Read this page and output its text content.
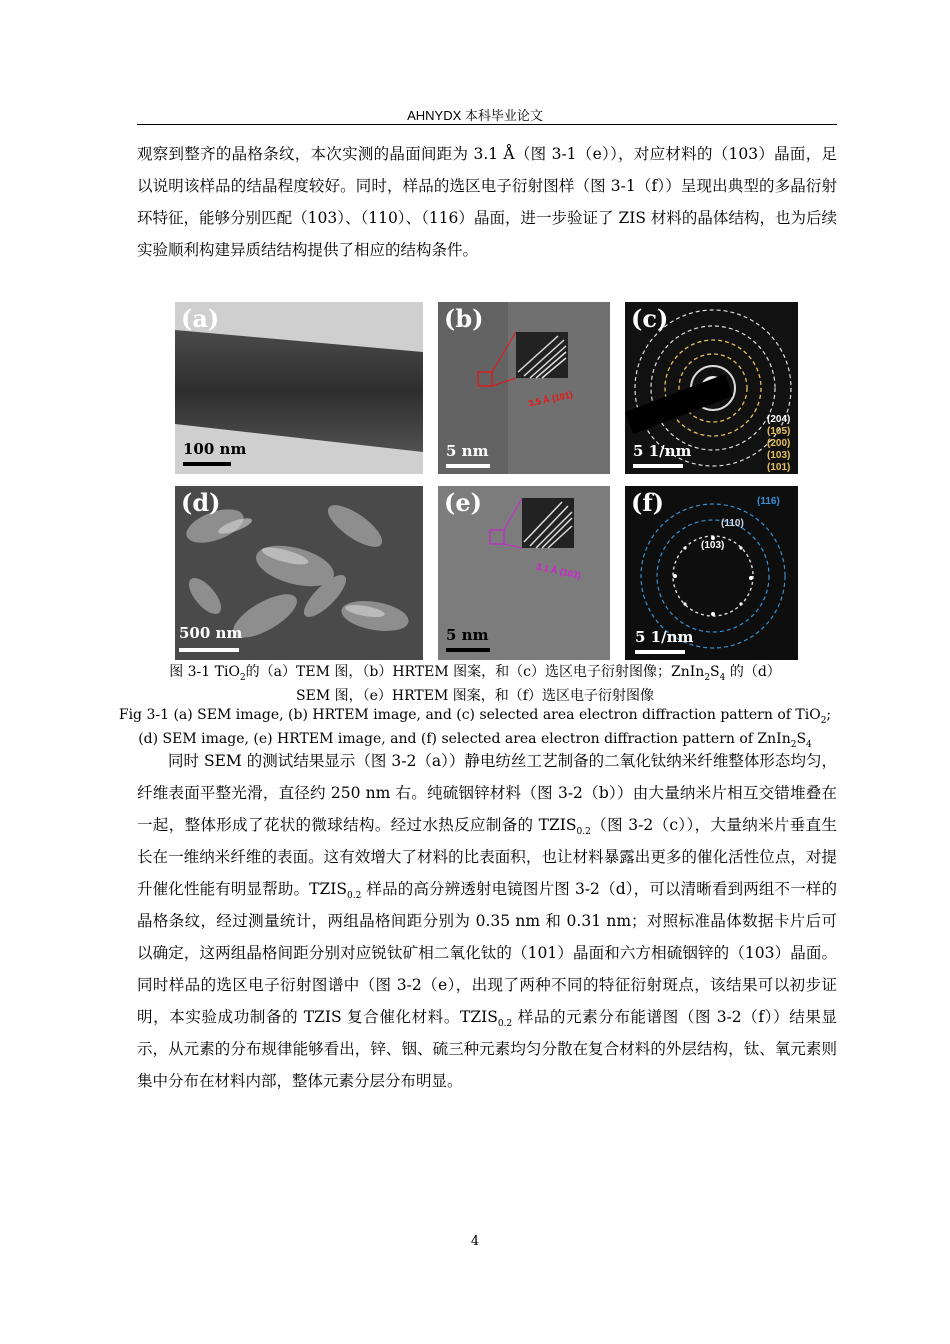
AHNYDX 本科毕业论文

观察到整齐的晶格条纹，本次实测的晶面间距为 3.1 Å（图 3-1（e）），对应材料的（103）晶面，足以说明该样品的结晶程度较好。同时，样品的选区电子衍射图样（图 3-1（f））呈现出典型的多晶衍射环特征，能够分别匹配（103）、（110）、（116）晶面，进一步验证了 ZIS 材料的晶体结构，也为后续实验顺利构建异质结结构提供了相应的结构条件。

(a)
100 nm
(b)
3.5 Å (101)
5 nm
(c)
(204)
(105)
(200)
(103)
(101)
5 1/nm
(d)
500 nm
(e)
3.1 Å (103)
5 nm
(f)	(116)
(110)
(103)
5 1/nm
图 3-1 TiO$_2$的（a）TEM 图，（b）HRTEM 图案，和（c）选区电子衍射图像；$ZnIn_2S_4$ 的（d）
SEM 图，（e）HRTEM 图案，和（f）选区电子衍射图像
Fig 3-1 (a) SEM image, (b) HRTEM image, and (c) selected area electron diffraction pattern of TiO$_2$;
(d) SEM image, (e) HRTEM image, and (f) selected area electron diffraction pattern of $ZnIn_2S_4$

同时 SEM 的测试结果显示（图 3-2（a））静电纺丝工艺制备的二氧化钛纳米纤维整体形态均匀，纤维表面平整光滑，直径约 250 nm 右。纯硫铟锌材料（图 3-2（b））由大量纳米片相互交错堆叠在一起，整体形成了花状的微球结构。经过水热反应制备的 $TZIS_{0.2}$（图 3-2（c）），大量纳米片垂直生长在一维纳米纤维的表面。这有效增大了材料的比表面积，也让材料暴露出更多的催化活性位点，对提升催化性能有明显帮助。$TZIS_{0.2}$ 样品的高分辨透射电镜图片图 3-2（d），可以清晰看到两组不一样的晶格条纹，经过测量统计，两组晶格间距分别为 0.35 nm 和 0.31 nm；对照标准晶体数据卡片后可以确定，这两组晶格间距分别对应锐钛矿相二氧化钛的（101）晶面和六方相硫铟锌的（103）晶面。同时样品的选区电子衍射图谱中（图 3-2（e），出现了两种不同的特征衍射斑点，该结果可以初步证明，本实验成功制备的 TZIS 复合催化材料。$TZIS_{0.2}$ 样品的元素分布能谱图（图 3-2（f））结果显示，从元素的分布规律能够看出，锌、铟、硫三种元素均匀分散在复合材料的外层结构，钛、氧元素则集中分布在材料内部，整体元素分层分布明显。

4
